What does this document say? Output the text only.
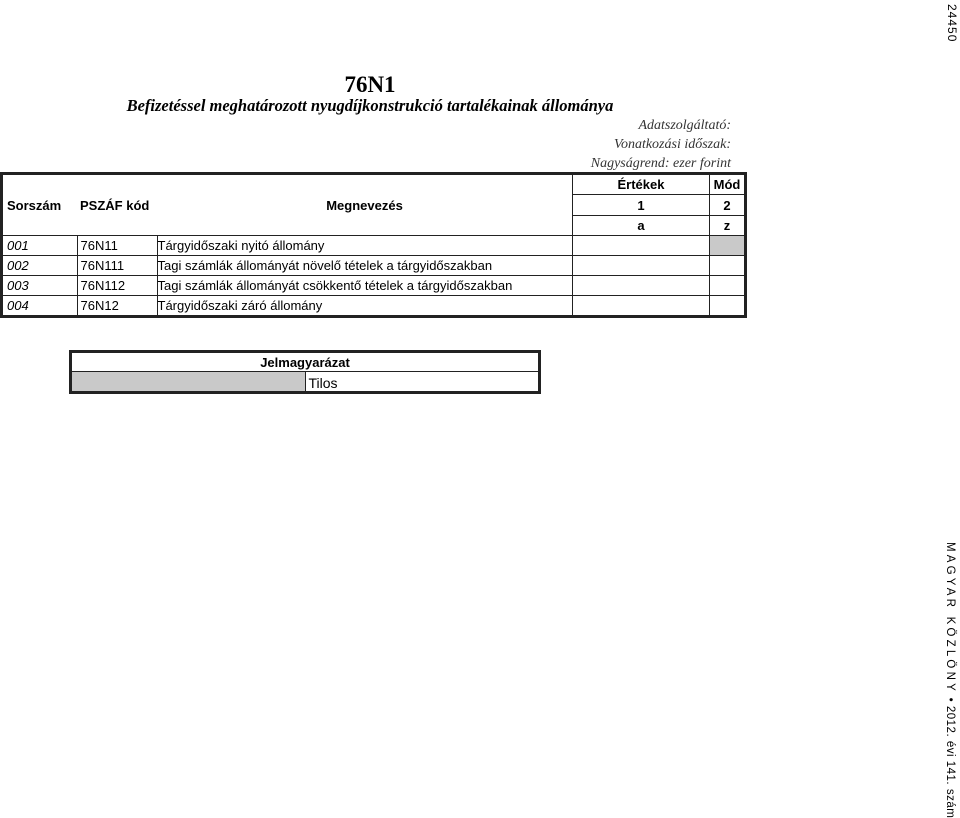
76N1
Befizetéssel meghatározott nyugdíjkonstrukció tartalékainak állománya
Adatszolgáltató:
Vonatkozási időszak:
Nagyságrend: ezer forint
			Értékek	Mód
Sorszám	PSZÁF kód	Megnevezés	1	2
			a	z
001	76N11	Tárgyidőszaki nyitó állomány		
002	76N111	Tagi számlák állományát növelő tételek a tárgyidőszakban		
003	76N112	Tagi számlák állományát csökkentő tételek a tárgyidőszakban		
004	76N12	Tárgyidőszaki záró állomány		
Jelmagyarázat
	Tilos
24450
MAGYAR KÖZLÖNY • 2012. évi 141. szám
